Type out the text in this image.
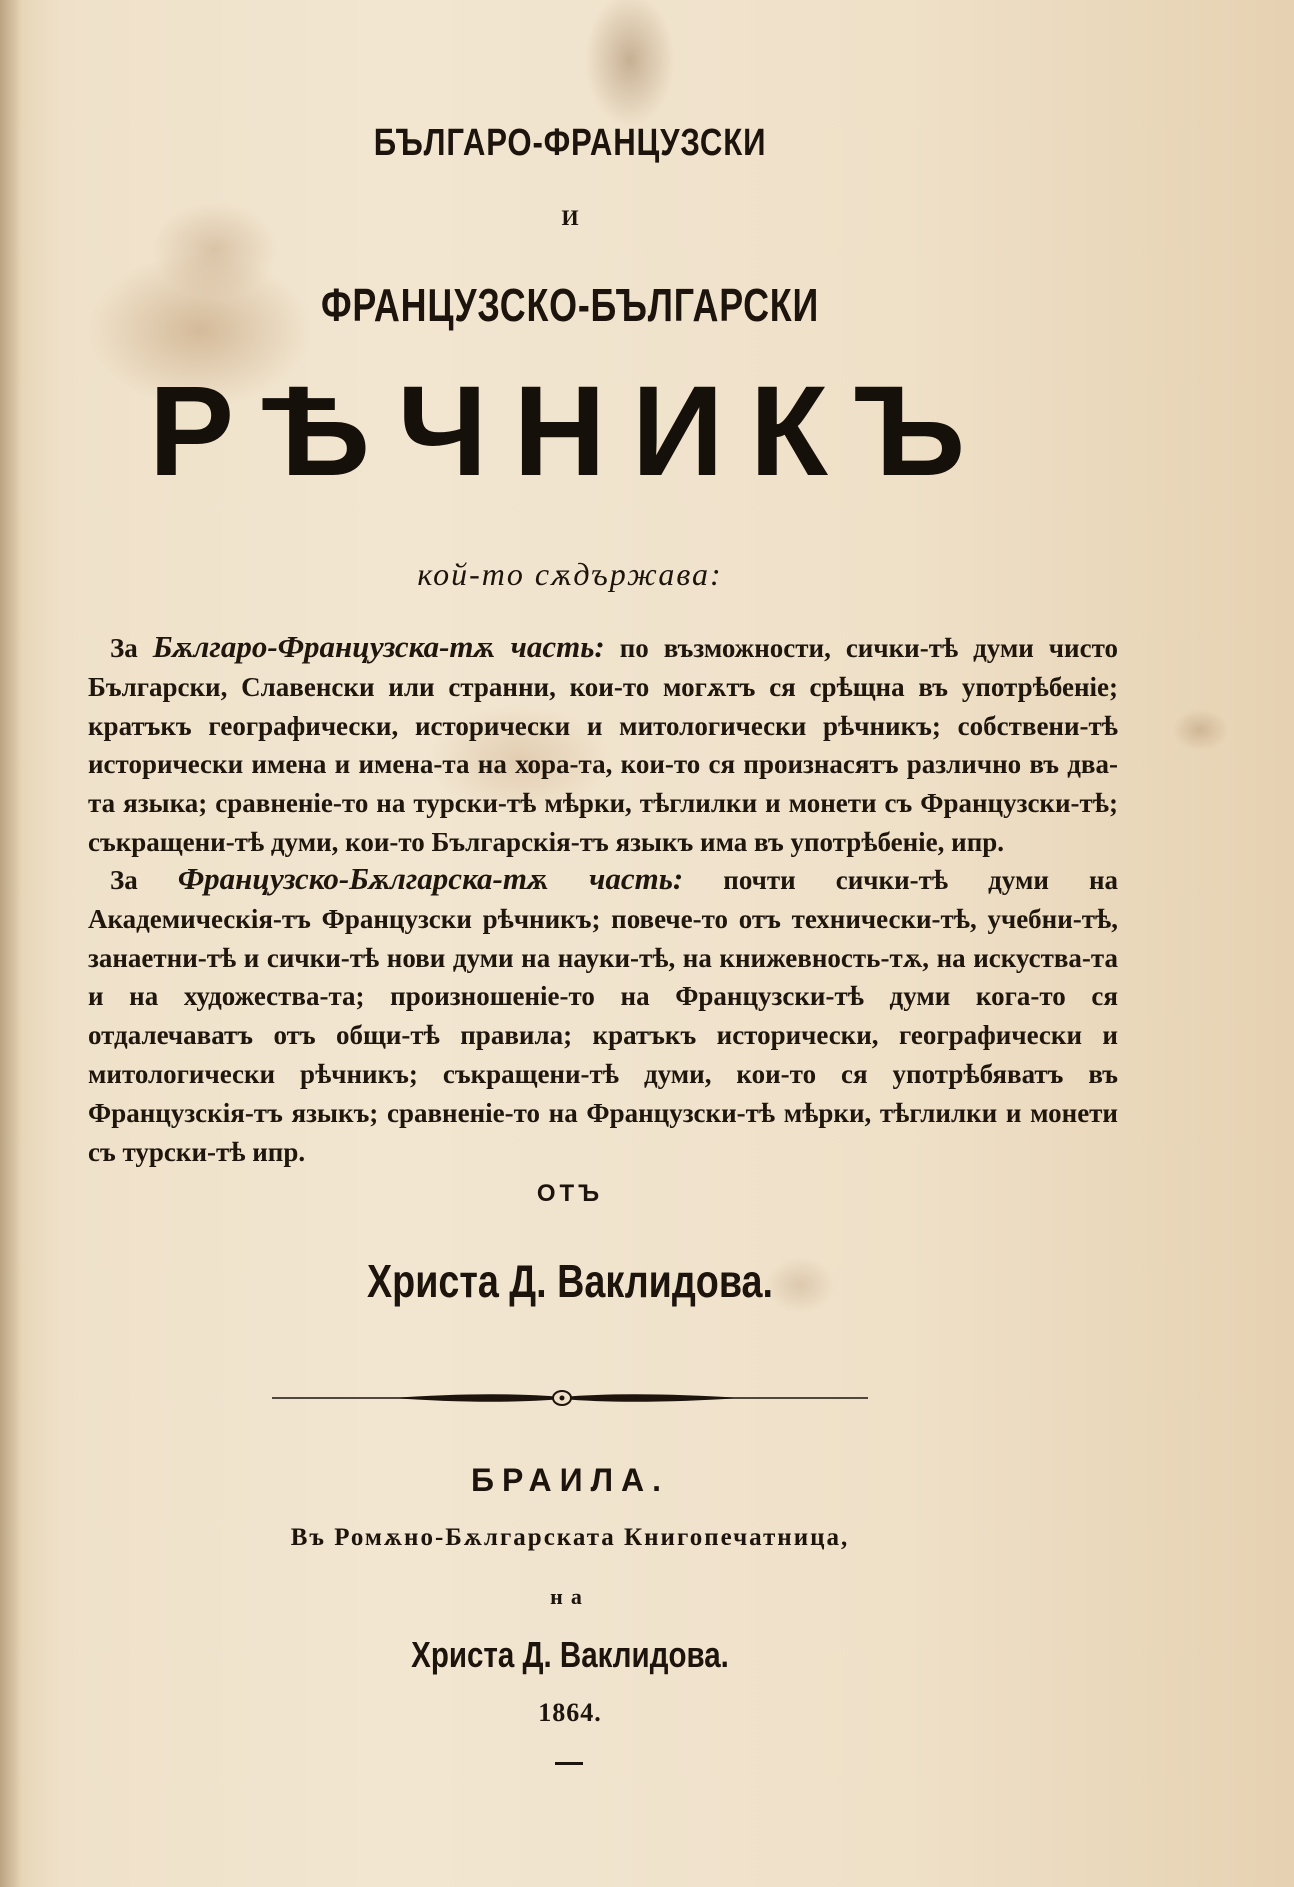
БЪЛГАРО-ФРАНЦУЗСКИ
И
ФРАНЦУЗСКО-БЪЛГАРСКИ
РѢЧНИКЪ
кой-то сѫдържава:
За Бѫлгаро-Французска-тѫ часть: по възможности, сички-тѣ думи чисто Български, Славенски или странни, кои-то могѫтъ ся срѣщна въ употрѣбеніе; кратъкъ географически, исторически и митологически рѣчникъ; собствени-тѣ исторически имена и имена-та на хора-та, кои-то ся произнасятъ различно въ два-та языка; сравненіе-то на турски-тѣ мѣрки, тѣглилки и монети съ Французски-тѣ; съкращени-тѣ думи, кои-то Българскія-тъ языкъ има въ употрѣбеніе, ипр.
За Французско-Бѫлгарска-тѫ часть: почти сички-тѣ думи на Академическія-тъ Французски рѣчникъ; повече-то отъ технически-тѣ, учебни-тѣ, занаетни-тѣ и сички-тѣ нови думи на науки-тѣ, на книжевность-тѫ, на искуства-та и на художества-та; произношеніе-то на Французски-тѣ думи кога-то ся отдалечаватъ отъ общи-тѣ правила; кратъкъ исторически, географически и митологически рѣчникъ; съкращени-тѣ думи, кои-то ся употрѣбяватъ въ Французскія-тъ языкъ; сравненіе-то на Французски-тѣ мѣрки, тѣглилки и монети съ турски-тѣ ипр.
ОТЪ
Христа Д. Ваклидова.
БРАИЛА.
Въ Ромѫно-Бѫлгарската Книгопечатница,
на
Христа Д. Ваклидова.
1864.
